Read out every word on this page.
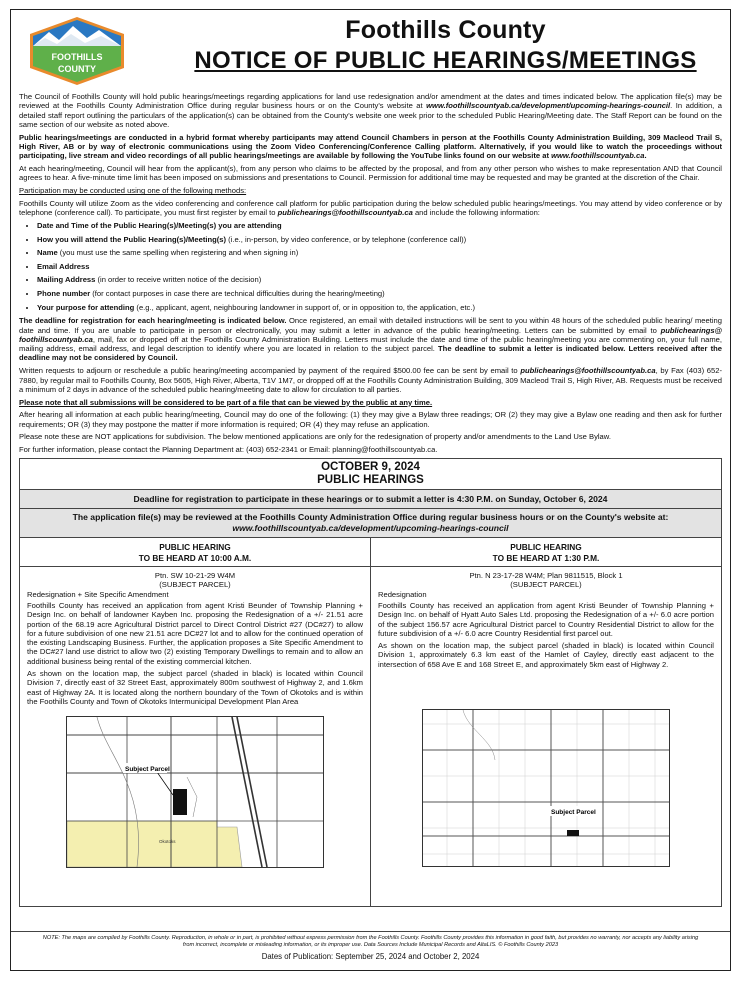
FOOTHILLS
COUNTY
Foothills County
NOTICE OF PUBLIC HEARINGS/MEETINGS

The Council of Foothills County will hold public hearings/meetings regarding applications for land use redesignation and/or amendment at the dates and times indicated below. The application file(s) may be reviewed at the Foothills County Administration Office during regular business hours or on the County's website at www.foothillscountyab.ca/development/upcoming-hearings-council. In addition, a detailed staff report outlining the particulars of the application(s) can be obtained from the County's website one week prior to the scheduled Public Hearing/Meeting date. The Staff Report can be found on the same section of our website as noted above.

Public hearings/meetings are conducted in a hybrid format whereby participants may attend Council Chambers in person at the Foothills County Administration Building, 309 Macleod Trail S, High River, AB or by way of electronic communications using the Zoom Video Conferencing/Conference Calling platform. Alternatively, if you would like to watch the proceedings without participating, live stream and video recordings of all public hearings/meetings are available by following the YouTube links found on our website at www.foothillscountyab.ca.

At each hearing/meeting, Council will hear from the applicant(s), from any person who claims to be affected by the proposal, and from any other person who wishes to make representation AND that Council agrees to hear. A five-minute time limit has been imposed on submissions and presentations to Council. Permission for additional time may be requested and may be granted at the discretion of the Chair.

Participation may be conducted using one of the following methods:

Foothills County will utilize Zoom as the video conferencing and conference call platform for public participation during the below scheduled public hearings/meetings. You may attend by video conference or by telephone (conference call). To participate, you must first register by email to publichearings@foothillscountyab.ca and include the following information:

• Date and Time of the Public Hearing(s)/Meeting(s) you are attending
• How you will attend the Public Hearing(s)/Meeting(s) (i.e., in-person, by video conference, or by telephone (conference call))
• Name (you must use the same spelling when registering and when signing in)
• Email Address
• Mailing Address (in order to receive written notice of the decision)
• Phone number (for contact purposes in case there are technical difficulties during the hearing/meeting)
• Your purpose for attending (e.g., applicant, agent, neighbouring landowner in support of, or in opposition to, the application, etc.)

The deadline for registration for each hearing/meeting is indicated below. Once registered, an email with detailed instructions will be sent to you within 48 hours of the scheduled public hearing/ meeting date and time. If you are unable to participate in person or electronically, you may submit a letter in advance of the public hearing/meeting. Letters can be submitted by email to publichearings@ foothillscountyab.ca, mail, fax or dropped off at the Foothills County Administration Building. Letters must include the date and time of the public hearing/meeting you are commenting on, your full name, mailing address, email address, and legal description to identify where you are located in relation to the subject parcel. The deadline to submit a letter is indicated below. Letters received after the deadline may not be considered by Council.

Written requests to adjourn or reschedule a public hearing/meeting accompanied by payment of the required $500.00 fee can be sent by email to publichearings@foothillscountyab.ca, by Fax (403) 652-7880, by regular mail to Foothills County, Box 5605, High River, Alberta, T1V 1M7, or dropped off at the Foothills County Administration Building, 309 Macleod Trail S, High River, AB. Requests must be received a minimum of 2 days in advance of the scheduled public hearing/meeting date to allow for circulation to all parties.

Please note that all submissions will be considered to be part of a file that can be viewed by the public at any time.

After hearing all information at each public hearing/meeting, Council may do one of the following: (1) they may give a Bylaw three readings; OR (2) they may give a Bylaw one reading and then ask for further requirements; OR (3) they may postpone the matter if more information is required; OR (4) they may refuse an application.

Please note these are NOT applications for subdivision. The below mentioned applications are only for the redesignation of property and/or amendments to the Land Use Bylaw.

For further information, please contact the Planning Department at: (403) 652-2341 or Email: planning@foothillscountyab.ca.

OCTOBER 9, 2024
PUBLIC HEARINGS
Deadline for registration to participate in these hearings or to submit a letter is 4:30 P.M. on Sunday, October 6, 2024
The application file(s) may be reviewed at the Foothills County Administration Office during regular business hours or on the County's website at:
www.foothillscountyab.ca/development/upcoming-hearings-council
PUBLIC HEARING
TO BE HEARD AT 10:00 A.M.
Ptn. SW 10-21-29 W4M
(SUBJECT PARCEL)
Redesignation + Site Specific Amendment

Foothills County has received an application from agent Kristi Beunder of Township Planning + Design Inc. on behalf of landowner Kayben Inc. proposing the Redesignation of a +/- 21.51 acre portion of the 68.19 acre Agricultural District parcel to Direct Control District #27 (DC#27) to allow for a future subdivision of one new 21.51 acre DC#27 lot and to allow for the continued operation of the existing Landscaping Business. Further, the application proposes a Site Specific Amendment to the DC#27 land use district to allow two (2) existing Temporary Dwellings to remain and to allow an additional business being rental of the existing commercial kitchen.

As shown on the location map, the subject parcel (shaded in black) is located within Council Division 7, directly east of 32 Street East, approximately 800m southwest of Highway 2, and 1.6km east of Highway 2A. It is located along the northern boundary of the Town of Okotoks and is within the Foothills County and Town of Okotoks Intermunicipal Development Plan Area

Subject Parcel
Okotoks
PUBLIC HEARING
TO BE HEARD AT 1:30 P.M.
Ptn. N 23-17-28 W4M; Plan 9811515, Block 1
(SUBJECT PARCEL)
Redesignation

Foothills County has received an application from agent Kristi Beunder of Township Planning + Design Inc. on behalf of Hyatt Auto Sales Ltd. proposing the Redesignation of a +/- 6.0 acre portion of the subject 156.57 acre Agricultural District parcel to Country Residential District to allow for the future subdivision of a +/- 6.0 acre Country Residential first parcel out.

As shown on the location map, the subject parcel (shaded in black) is located within Council Division 1, approximately 6.3 km east of the Hamlet of Cayley, directly east adjacent to the intersection of 658 Ave E and 168 Street E, and approximately 5km east of Highway 2.

Subject Parcel
NOTE: The maps are compiled by Foothills County. Reproduction, in whole or in part, is prohibited without express permission from the Foothills County. Foothills County provides this information in good faith, but provides no warranty, nor accepts any liability arising from incorrect, incomplete or misleading information, or its improper use. Data Sources Include Municipal Records and AltaLIS. © Foothills County 2023
Dates of Publication: September 25, 2024 and October 2, 2024
